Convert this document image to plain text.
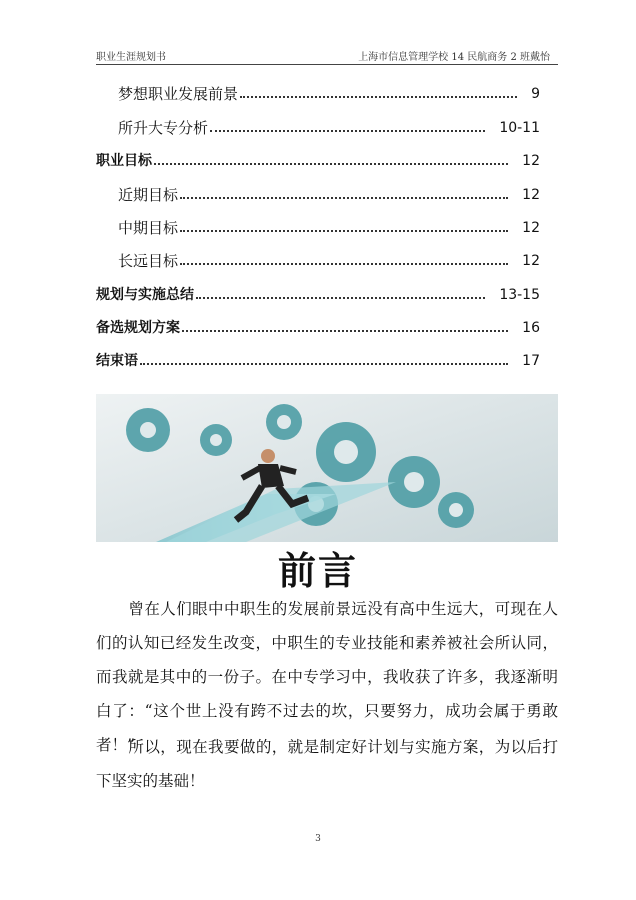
职业生涯规划书	上海市信息管理学校 14 民航商务 2 班戴怡
梦想职业发展前景	9
所升大专分析	10-11
职业目标	12
近期目标	12
中期目标	12
长远目标	12
规划与实施总结	13-15
备选规划方案	16
结束语	17
前言
曾在人们眼中中职生的发展前景远没有高中生远大，可现在人们的认知已经发生改变，中职生的专业技能和素养被社会所认同，而我就是其中的一份子。在中专学习中，我收获了许多，我逐渐明白了：“这个世上没有跨不过去的坎，只要努力，成功会属于勇敢者！”
所以，现在我要做的，就是制定好计划与实施方案，为以后打下坚实的基础！
3
